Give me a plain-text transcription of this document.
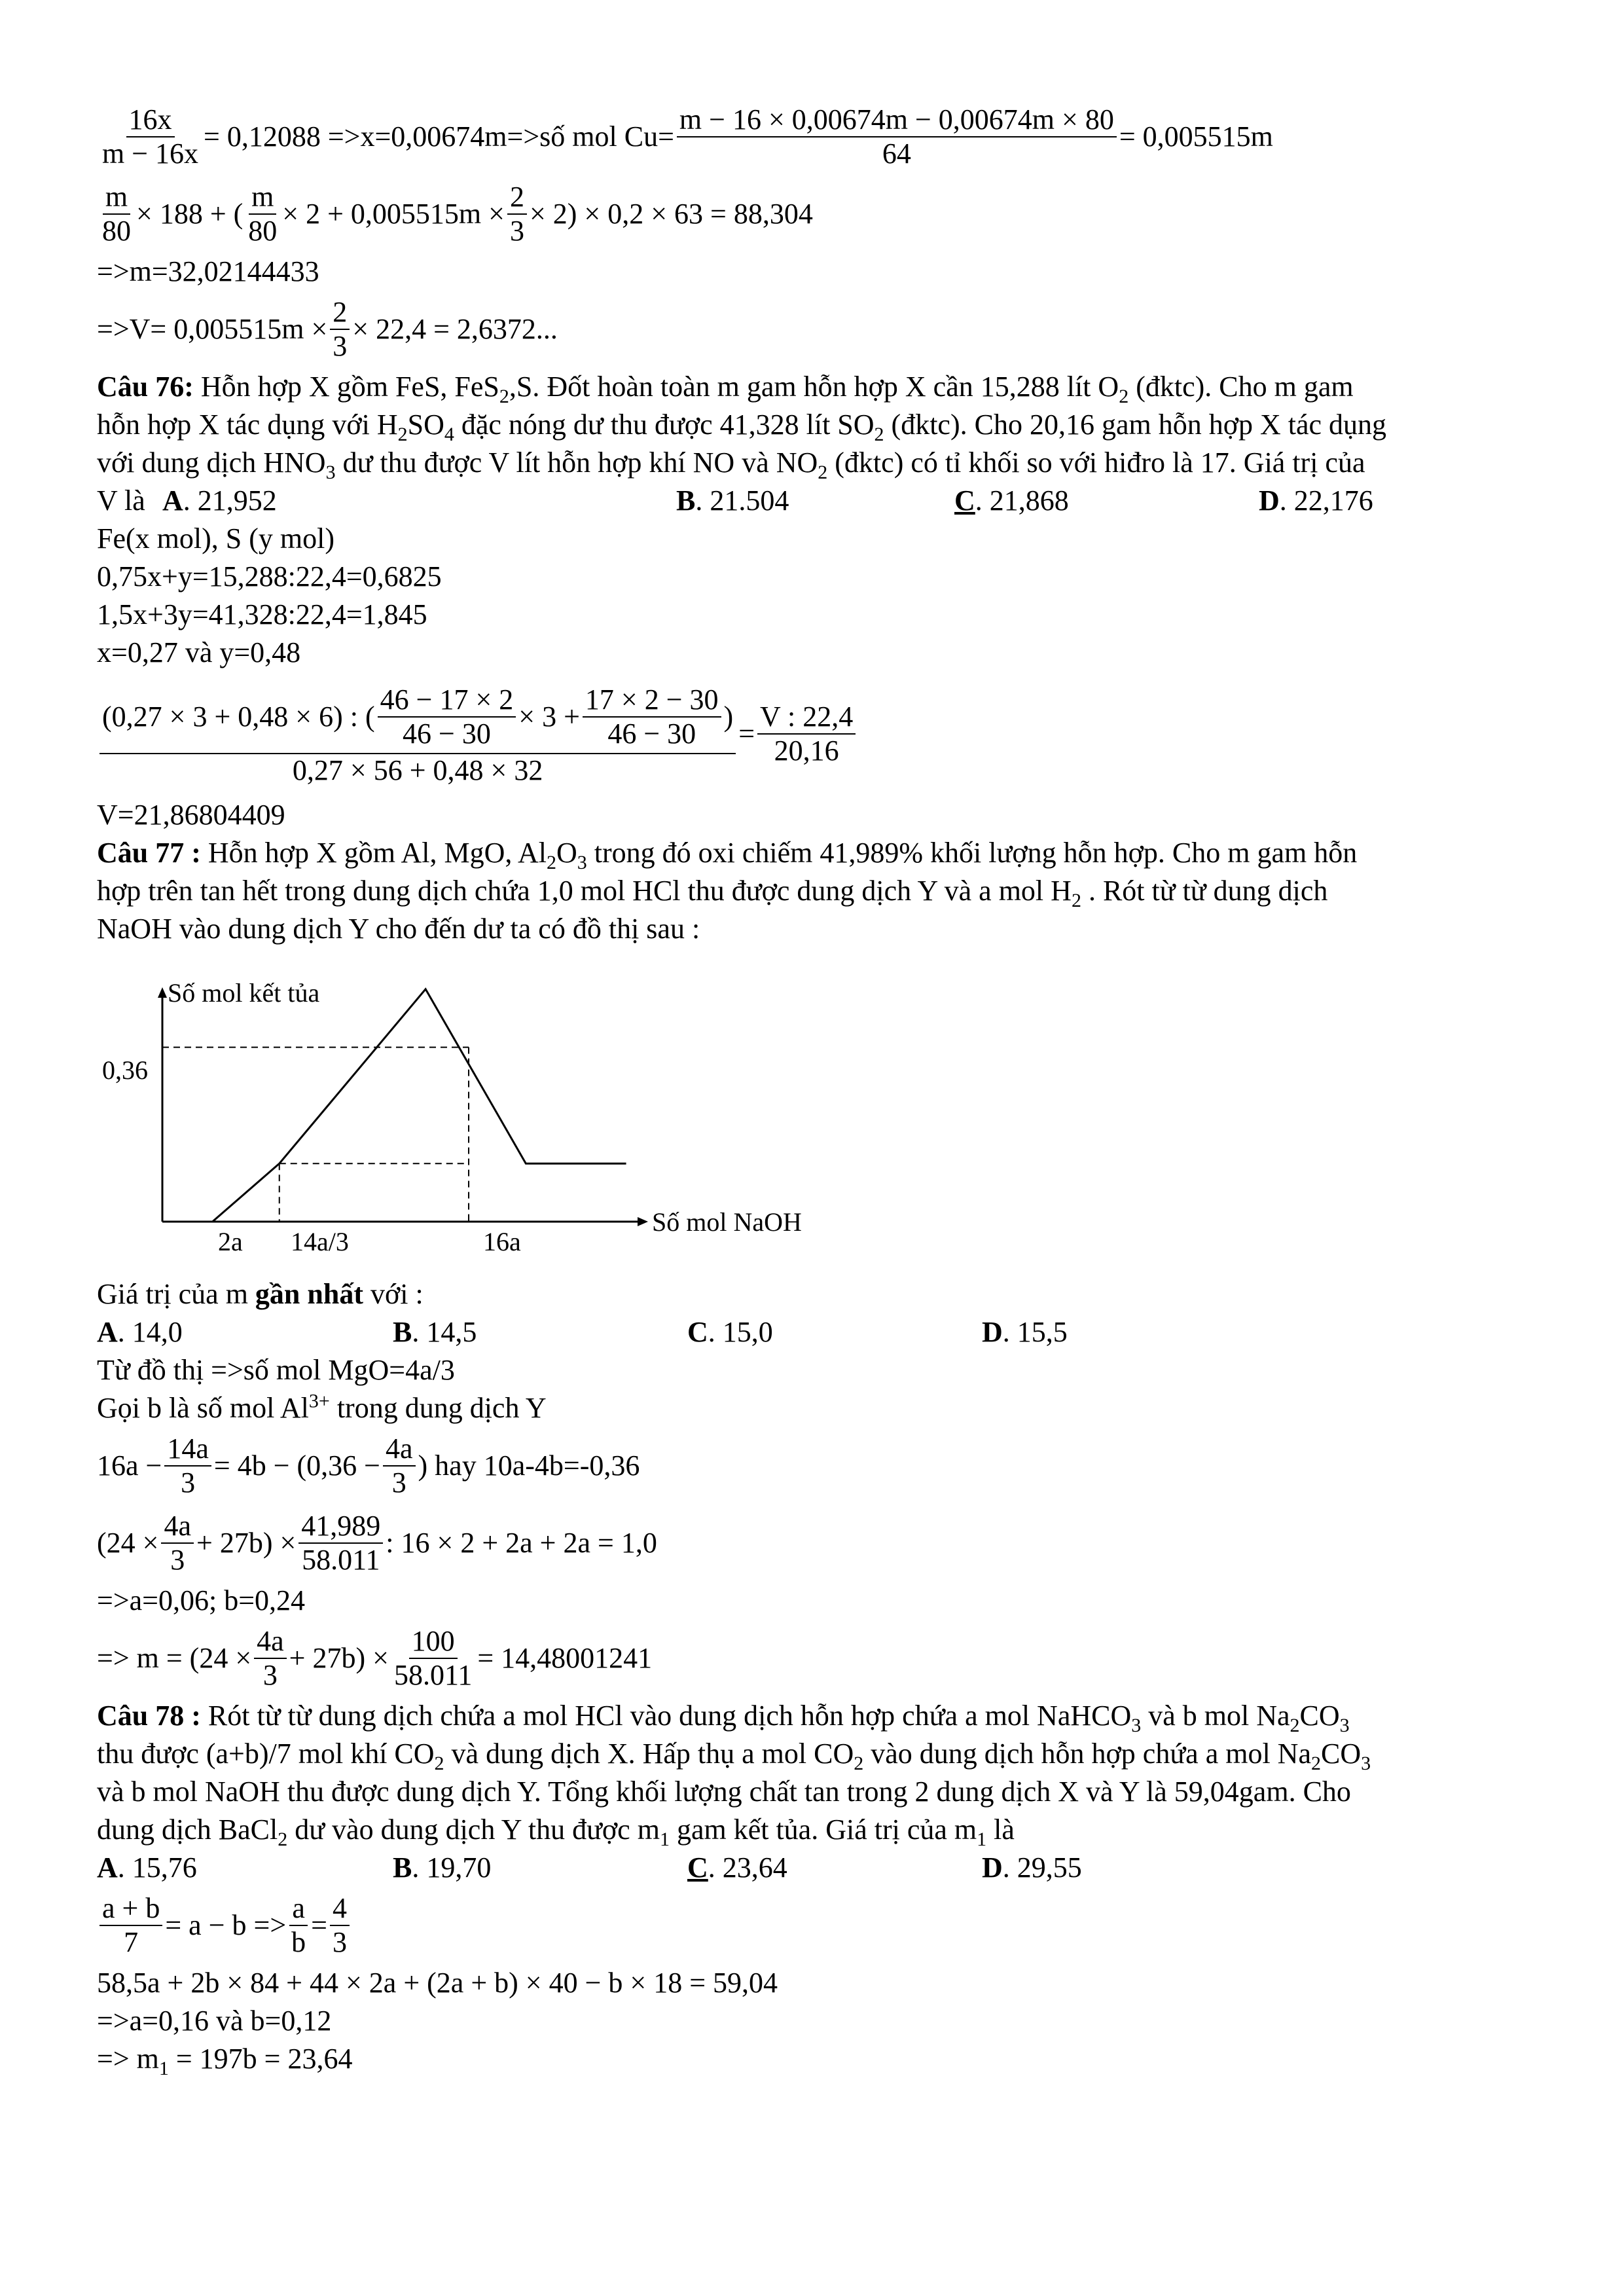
$\frac{16x}{m - 16x} = 0,12088$ =>x=0,00674m=>số mol $Cu= \frac{m - 16 \times 0,00674m - 0,00674m \times 80}{64} = 0,005515m$
$\frac{m}{80} \times 188$ + ( $\frac{m}{80} \times 2 + 0,005515m \times \frac{2}{3} \times 2) \times 0,2 \times 63 = 88,304$
=>m=32,02144433
$=>V= 0,005515m \times \frac{2}{3} \times 22,4 = 2,6372$...
Câu 76: Hỗn hợp X gồm FeS, FeS$_2$,S. Đốt hoàn toàn m gam hỗn hợp X cần 15,288 lít $O_2$ (đktc). Cho m gam
hỗn hợp X tác dụng với $H_2SO_4$ đặc nóng dư thu được 41,328 lít $SO_2$ (đktc). Cho 20,16 gam hỗn hợp X tác dụng
với dung dịch $HNO_3$ dư thu được V lít hỗn hợp khí NO và $NO_2$ (đktc) có tỉ khối so với hiđro là 17. Giá trị của
V là A. 21,952	B. 21.504	C. 21,868	D. 22,176
Fe(x mol), S (y mol)
0,75x+y=15,288:22,4=0,6825
1,5x+3y=41,328:22,4=1,845
x=0,27 và y=0,48
(0,27 × 3 + 0,48 × 6) : ( $\frac{46 - 17 \times 2}{46 - 30} \times 3 + \frac{17 \times 2 - 30}{46 - 30}$ )
0,27 × 56 + 0,48 × 32
= $\frac{V : 22,4}{20,16}$
V=21,86804409
Câu 77 : Hỗn hợp X gồm Al, MgO, $Al_2O_3$ trong đó oxi chiếm 41,989% khối lượng hỗn hợp. Cho m gam hỗn
hợp trên tan hết trong dung dịch chứa 1,0 mol HCl thu được dung dịch Y và a mol $H_2$ . Rót từ từ dung dịch
NaOH vào dung dịch Y cho đến dư ta có đồ thị sau :
Số mol kết tủa
Số mol NaOH
0,36
2a 14a/3	16a
Giá trị của m gần nhất với :
A. 14,0	B. 14,5	C. 15,0	D. 15,5
Từ đồ thị =>số mol MgO=4a/3
Gọi b là số mol $Al^{3+}$ trong dung dịch Y
$16a - \frac{14a}{3} = 4b - (0,36 - \frac{4a}{3}$ ) hay 10a-4b=-0,36
$(24 \times \frac{4a}{3} + 27b) \times \frac{41,989}{58.011}$ : 16 × 2 + 2a + 2a = 1,0
=>a=0,06; b=0,24
=> $m = (24 \times \frac{4a}{3} + 27b) \times \frac{100}{58.011} = 14,48001241$
Câu 78 : Rót từ từ dung dịch chứa a mol HCl vào dung dịch hỗn hợp chứa a mol NaHCO$_3$ và b mol $Na_2CO_3$
thu được (a+b)/7 mol khí $CO_2$ và dung dịch X. Hấp thụ a mol $CO_2$ vào dung dịch hỗn hợp chứa a mol $Na_2CO_3$
và b mol NaOH thu được dung dịch Y. Tổng khối lượng chất tan trong 2 dung dịch X và Y là 59,04gam. Cho
dung dịch BaCl$_2$ dư vào dung dịch Y thu được $m_1$ gam kết tủa. Giá trị của $m_1$ là
A. 15,76	B. 19,70	C. 23,64	D. 29,55
$\frac{a + b}{7} = a - b => \frac{a}{b} = \frac{4}{3}$
58,5a + 2b × 84 + 44 × 2a + (2a + b) × 40 − b × 18 = 59,04
=>a=0,16 và b=0,12
=> $m_1 = 197b = 23,64$
